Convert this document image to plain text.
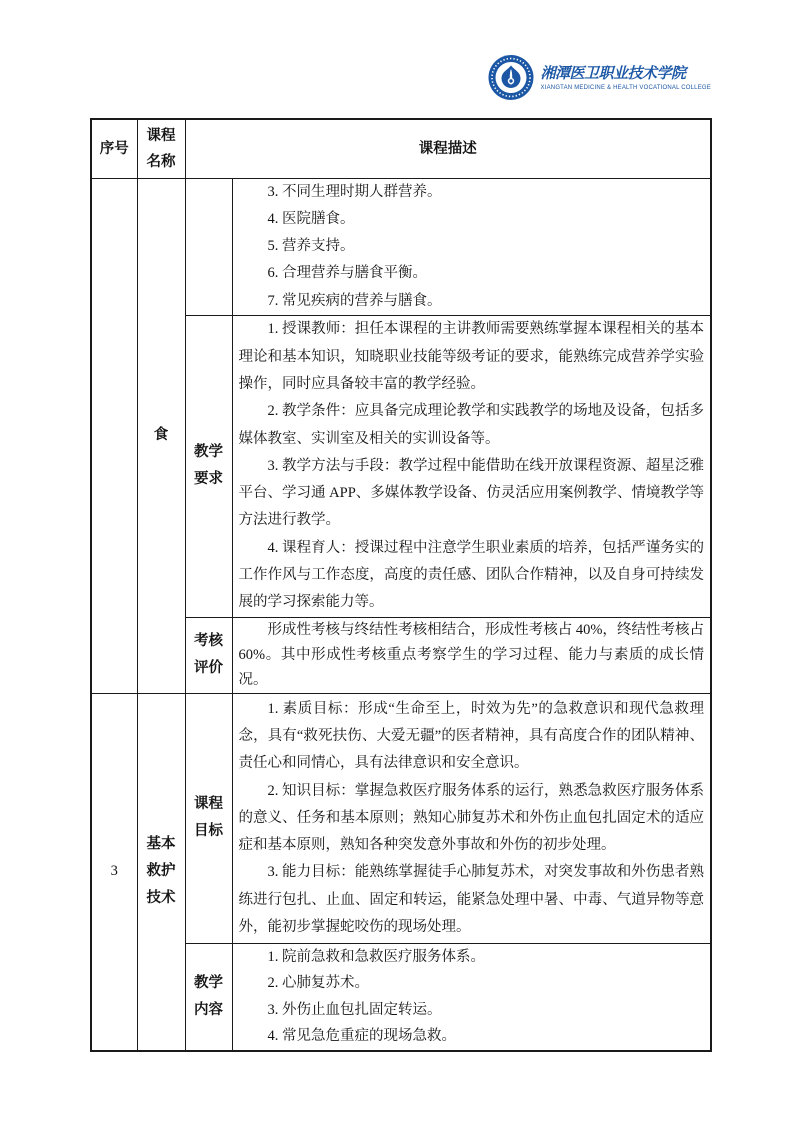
湘潭医卫职业技术学院
XIANGTAN MEDICINE & HEALTH VOCATIONAL COLLEGE
序号	课程名称	课程描述	

	食		3. 不同生理时期人群营养。

4. 医院膳食。

5. 营养支持。

6. 合理营养与膳食平衡。

7. 常见疾病的营养与膳食。

		教学要求	1. 授课教师：担任本课程的主讲教师需要熟练掌握本课程相关的基本理论和基本知识，知晓职业技能等级考证的要求，能熟练完成营养学实验操作，同时应具备较丰富的教学经验。

2. 教学条件：应具备完成理论教学和实践教学的场地及设备，包括多媒体教室、实训室及相关的实训设备等。

3. 教学方法与手段：教学过程中能借助在线开放课程资源、超星泛雅平台、学习通 APP、多媒体教学设备、仿灵活应用案例教学、情境教学等方法进行教学。

4. 课程育人：授课过程中注意学生职业素质的培养，包括严谨务实的工作作风与工作态度，高度的责任感、团队合作精神，以及自身可持续发展的学习探索能力等。

		考核评价	形成性考核与终结性考核相结合，形成性考核占 40%，终结性考核占 60%。其中形成性考核重点考察学生的学习过程、能力与素质的成长情况。

3	基本救护技术	课程目标	1. 素质目标：形成“生命至上，时效为先”的急救意识和现代急救理念，具有“救死扶伤、大爱无疆”的医者精神，具有高度合作的团队精神、责任心和同情心，具有法律意识和安全意识。

2. 知识目标：掌握急救医疗服务体系的运行，熟悉急救医疗服务体系的意义、任务和基本原则；熟知心肺复苏术和外伤止血包扎固定术的适应症和基本原则，熟知各种突发意外事故和外伤的初步处理。

3. 能力目标：能熟练掌握徒手心肺复苏术，对突发事故和外伤患者熟练进行包扎、止血、固定和转运，能紧急处理中暑、中毒、气道异物等意外，能初步掌握蛇咬伤的现场处理。

		教学内容	1. 院前急救和急救医疗服务体系。

2. 心肺复苏术。

3. 外伤止血包扎固定转运。

4. 常见急危重症的现场急救。
